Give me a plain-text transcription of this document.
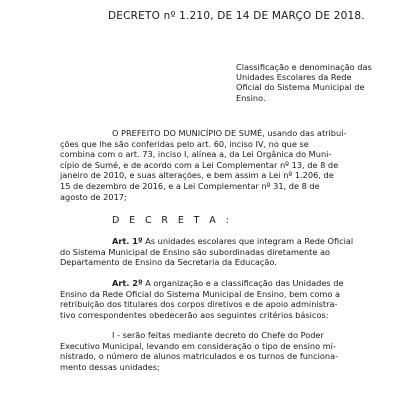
DECRETO nº 1.210, DE 14 DE MARÇO DE 2018.
Classificação e denominação das
Unidades Escolares da Rede
Oficial do Sistema Municipal de
Ensino.
O PREFEITO DO MUNICÍPIO DE SUMÉ, usando das atribui-
ções que lhe são conferidas pelo art. 60, inciso IV, no que se
combina com o art. 73, inciso I, alínea a, da Lei Orgânica do Muni-
cípio de Sumé, e de acordo com a Lei Complementar nº 13, de 8 de
janeiro de 2010, e suas alterações, e bem assim a Lei nº 1.206, de
15 de dezembro de 2016, e a Lei Complementar nº 31, de 8 de
agosto de 2017;
D E C R E T A :
Art. 1º As unidades escolares que integram a Rede Oficial
do Sistema Municipal de Ensino são subordinadas diretamente ao
Departamento de Ensino da Secretaria da Educação.
Art. 2º A organização e a classificação das Unidades de
Ensino da Rede Oficial do Sistema Municipal de Ensino, bem como a
retribuição dos titulares dos corpos diretivos e de apoio administra-
tivo correspondentes obedecerão aos seguintes critérios básicos:
I - serão feitas mediante decreto do Chefe do Poder
Executivo Municipal, levando em consideração o tipo de ensino mi-
nistrado, o número de alunos matriculados e os turnos de funciona-
mento dessas unidades;
